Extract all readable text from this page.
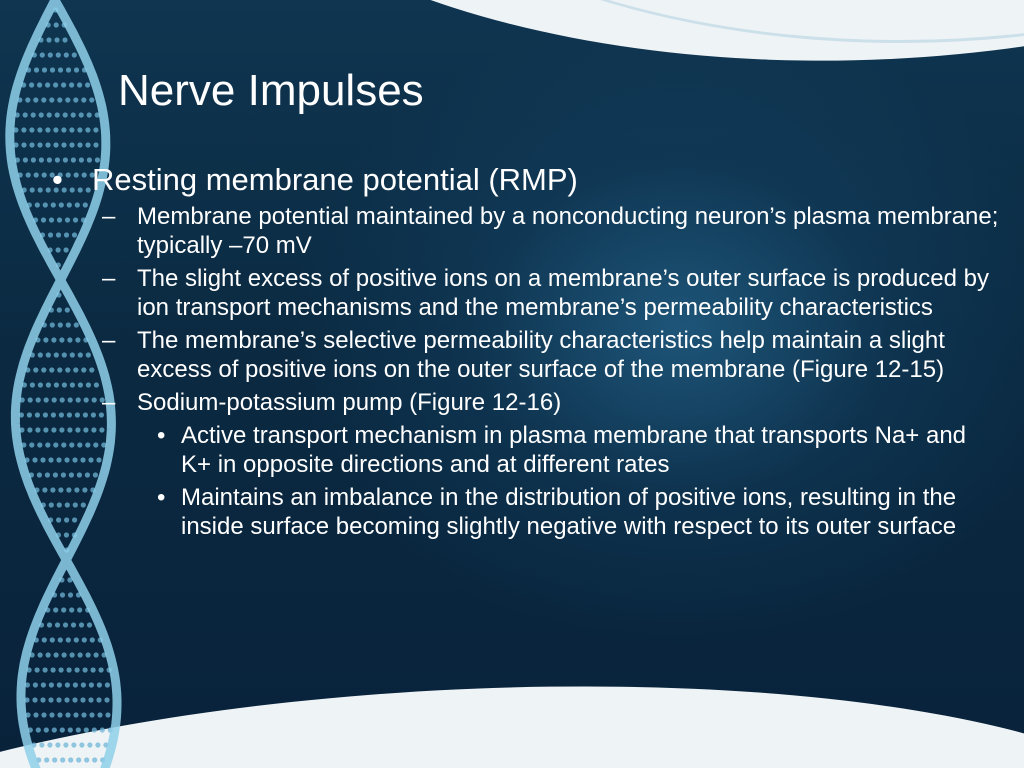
Nerve Impulses
• Resting membrane potential (RMP)
– Membrane potential maintained by a nonconducting neuron’s plasma membrane; typically –70 mV
– The slight excess of positive ions on a membrane’s outer surface is produced by ion transport mechanisms and the membrane’s permeability characteristics
– The membrane’s selective permeability characteristics help maintain a slight excess of positive ions on the outer surface of the membrane (Figure 12-15)
– Sodium-potassium pump (Figure 12-16)
• Active transport mechanism in plasma membrane that transports Na+ and K+ in opposite directions and at different rates
• Maintains an imbalance in the distribution of positive ions, resulting in the inside surface becoming slightly negative with respect to its outer surface
